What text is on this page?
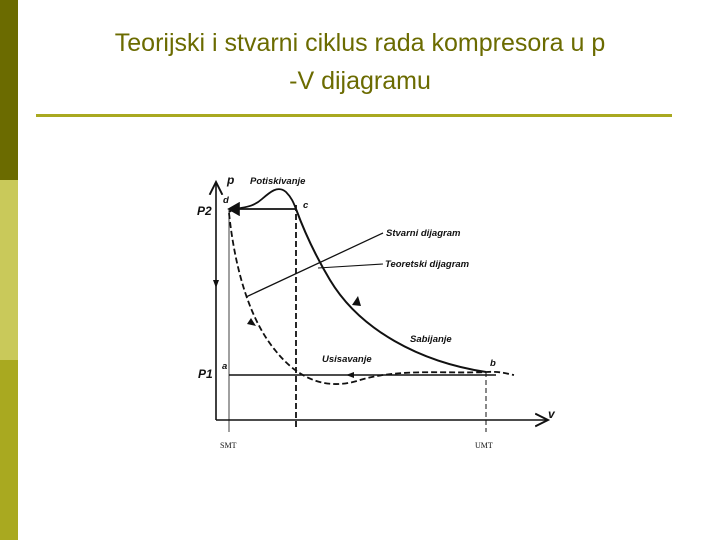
Teorijski i stvarni ciklus rada kompresora u p
-V dijagramu
p
v
P2
P1
d	c
a	b
Potiskivanje
Stvarni dijagram
Teoretski dijagram
Sabijanje
Usisavanje
SMT	UMT
